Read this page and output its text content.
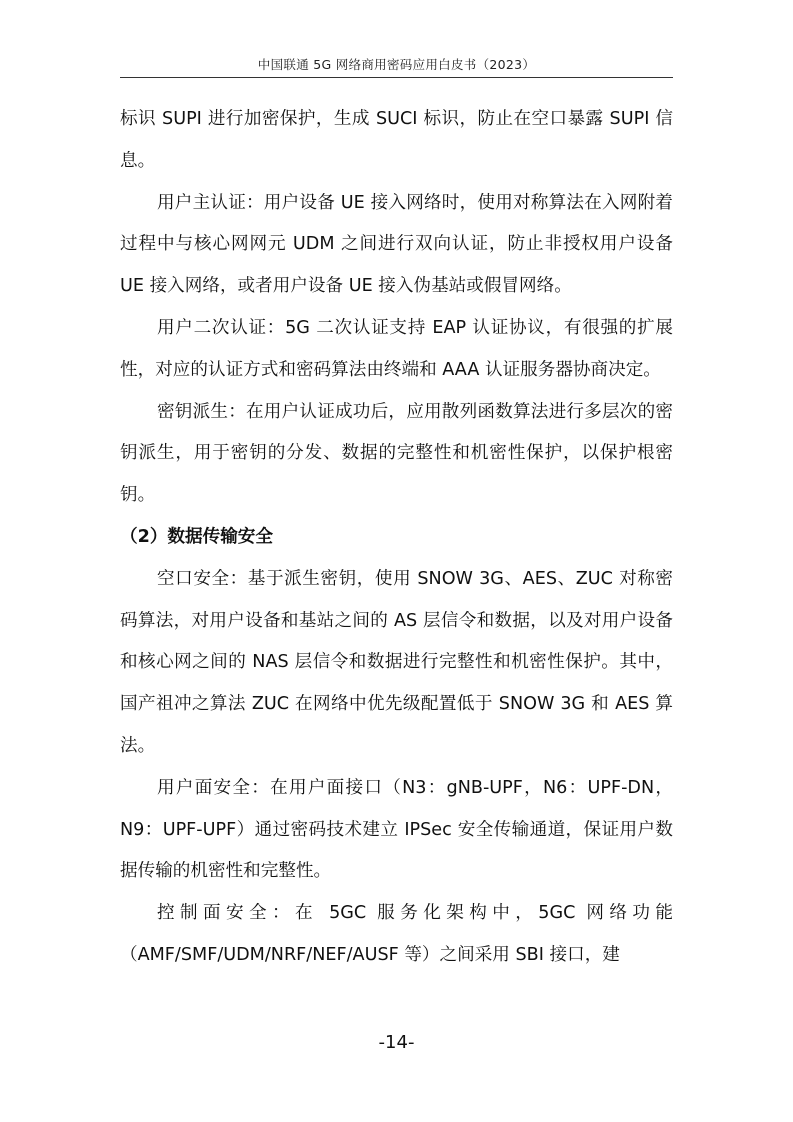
中国联通 5G 网络商用密码应用白皮书（2023）

标识 SUPI 进行加密保护，生成 SUCI 标识，防止在空口暴露 SUPI 信息。

用户主认证：用户设备 UE 接入网络时，使用对称算法在入网附着过程中与核心网网元 UDM 之间进行双向认证，防止非授权用户设备 UE 接入网络，或者用户设备 UE 接入伪基站或假冒网络。

用户二次认证：5G 二次认证支持 EAP 认证协议，有很强的扩展性，对应的认证方式和密码算法由终端和 AAA 认证服务器协商决定。

密钥派生：在用户认证成功后，应用散列函数算法进行多层次的密钥派生，用于密钥的分发、数据的完整性和机密性保护，以保护根密钥。

（2）数据传输安全

空口安全：基于派生密钥，使用 SNOW 3G、AES、ZUC 对称密码算法，对用户设备和基站之间的 AS 层信令和数据，以及对用户设备和核心网之间的 NAS 层信令和数据进行完整性和机密性保护。其中，国产祖冲之算法 ZUC 在网络中优先级配置低于 SNOW 3G 和 AES 算法。

用户面安全：在用户面接口（N3：gNB-UPF，N6：UPF-DN，N9：UPF-UPF）通过密码技术建立 IPSec 安全传输通道，保证用户数据传输的机密性和完整性。

控制面安全：在 5GC 服务化架构中，5GC 网络功能（AMF/SMF/UDM/NRF/NEF/AUSF 等）之间采用 SBI 接口，建

-14-
